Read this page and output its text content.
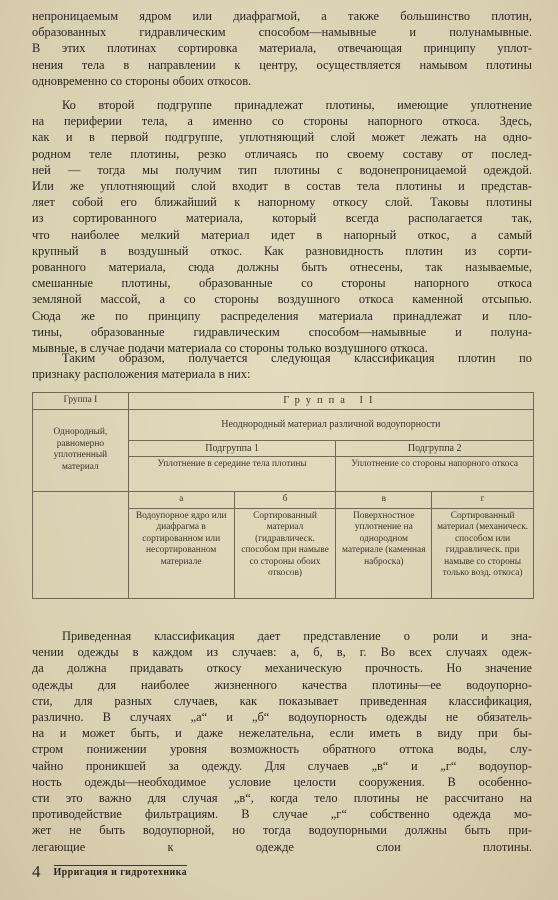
непроницаемым ядром или диафрагмой, а также большинство плотин,
образованных гидравлическим способом—намывные и полунамывные.
В этих плотинах сортировка материала, отвечающая принципу уплот-
нения тела в направлении к центру, осуществляется намывом плотины
одновременно со стороны обоих откосов.
Ко второй подгруппе принадлежат плотины, имеющие уплотнение
на периферии тела, а именно со стороны напорного откоса. Здесь,
как и в первой подгруппе, уплотняющий слой может лежать на одно-
родном теле плотины, резко отличаясь по своему составу от послед-
ней — тогда мы получим тип плотины с водонепроницаемой одеждой.
Или же уплотняющий слой входит в состав тела плотины и представ-
ляет собой его ближайший к напорному откосу слой. Таковы плотины
из сортированного материала, который всегда располагается так,
что наиболее мелкий материал идет в напорный откос, а самый
крупный в воздушный откос. Как разновидность плотин из сорти-
рованного материала, сюда должны быть отнесены, так называемые,
смешанные плотины, образованные со стороны напорного откоса
земляной массой, а со стороны воздушного откоса каменной отсыпью.
Сюда же по принципу распределения материала принадлежат и пло-
тины, образованные гидравлическим способом—намывные и полуна-
мывные, в случае подачи материала со стороны только воздушного откоса.
Таким образом, получается следующая классификация плотин по
признаку расположения материала в них:
Группа I	Группа II			
Однородный, равномерно уплотненный материал	Неоднородный материал различной водоупорности			
	Подгруппа 1		Подгруппа 2	
	Уплотнение в середине тела плотины		Уплотнение со стороны напорного откоса	
	а	б	в	г
	Водоупорное ядро или диафрагма в сортированном или несортированном материале	Сортированный материал (гидравлическ. способом при намыве со стороны обоих откосов)	Поверхностное уплотнение на однородном материале (каменная наброска)	Сортированный материал (механическ. способом или гидравлическ. при намыве со стороны только возд. откоса)
Приведенная классификация дает представление о роли и зна-
чении одежды в каждом из случаев: а, б, в, г. Во всех случаях одеж-
да должна придавать откосу механическую прочность. Но значение
одежды для наиболее жизненного качества плотины—ее водоупорно-
сти, для разных случаев, как показывает приведенная классификация,
различно. В случаях „а“ и „б“ водоупорность одежды не обязатель-
на и может быть, и даже нежелательна, если иметь в виду при бы-
стром понижении уровня возможность обратного оттока воды, слу-
чайно проникшей за одежду. Для случаев „в“ и „г“ водоупор-
ность одежды—необходимое условие целости сооружения. В особенно-
сти это важно для случая „в“, когда тело плотины не рассчитано на
противодействие фильтрациям. В случае „г“ собственно одежда мо-
жет не быть водоупорной, но тогда водоупорными должны быть при-
легающие к одежде слои плотины.
4 Ирригация и гидротехника
